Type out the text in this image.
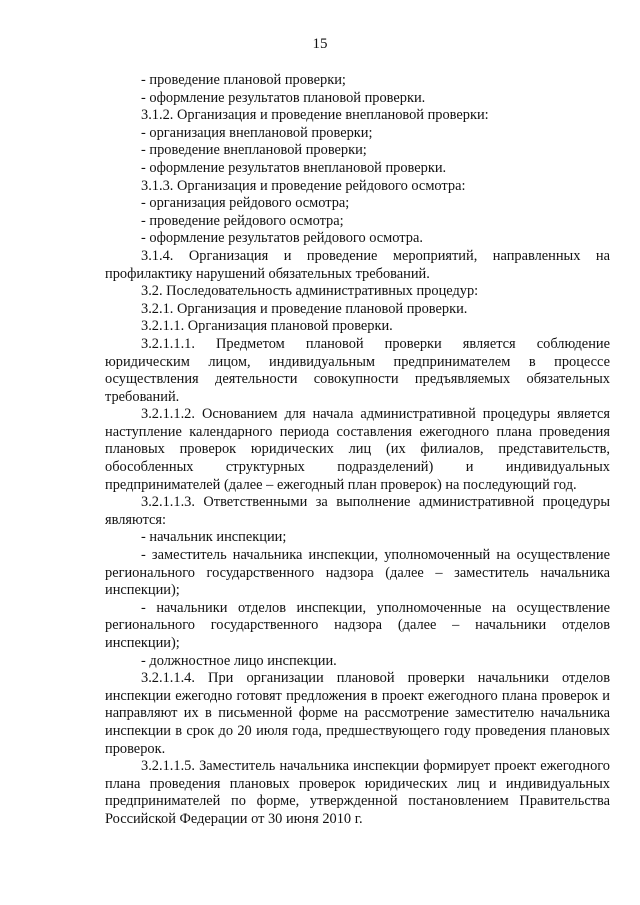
15

- проведение плановой проверки;

- оформление результатов плановой проверки.

3.1.2. Организация и проведение внеплановой проверки:

- организация внеплановой проверки;

- проведение внеплановой проверки;

- оформление результатов внеплановой проверки.

3.1.3. Организация и проведение рейдового осмотра:

- организация рейдового осмотра;

- проведение рейдового осмотра;

- оформление результатов рейдового осмотра.

3.1.4. Организация и проведение мероприятий, направленных на профилактику нарушений обязательных требований.

3.2. Последовательность административных процедур:

3.2.1. Организация и проведение плановой проверки.

3.2.1.1. Организация плановой проверки.

3.2.1.1.1. Предметом плановой проверки является соблюдение юридическим лицом, индивидуальным предпринимателем в процессе осуществления деятельности совокупности предъявляемых обязательных требований.

3.2.1.1.2. Основанием для начала административной процедуры является наступление календарного периода составления ежегодного плана проведения плановых проверок юридических лиц (их филиалов, представительств, обособленных структурных подразделений) и индивидуальных предпринимателей (далее – ежегодный план проверок) на последующий год.

3.2.1.1.3. Ответственными за выполнение административной процедуры являются:

- начальник инспекции;

- заместитель начальника инспекции, уполномоченный на осуществление регионального государственного надзора (далее – заместитель начальника инспекции);

- начальники отделов инспекции, уполномоченные на осуществление регионального государственного надзора (далее – начальники отделов инспекции);

- должностное лицо инспекции.

3.2.1.1.4. При организации плановой проверки начальники отделов инспекции ежегодно готовят предложения в проект ежегодного плана проверок и направляют их в письменной форме на рассмотрение заместителю начальника инспекции в срок до 20 июля года, предшествующего году проведения плановых проверок.

3.2.1.1.5. Заместитель начальника инспекции формирует проект ежегодного плана проведения плановых проверок юридических лиц и индивидуальных предпринимателей по форме, утвержденной постановлением Правительства Российской Федерации от 30 июня 2010 г.
